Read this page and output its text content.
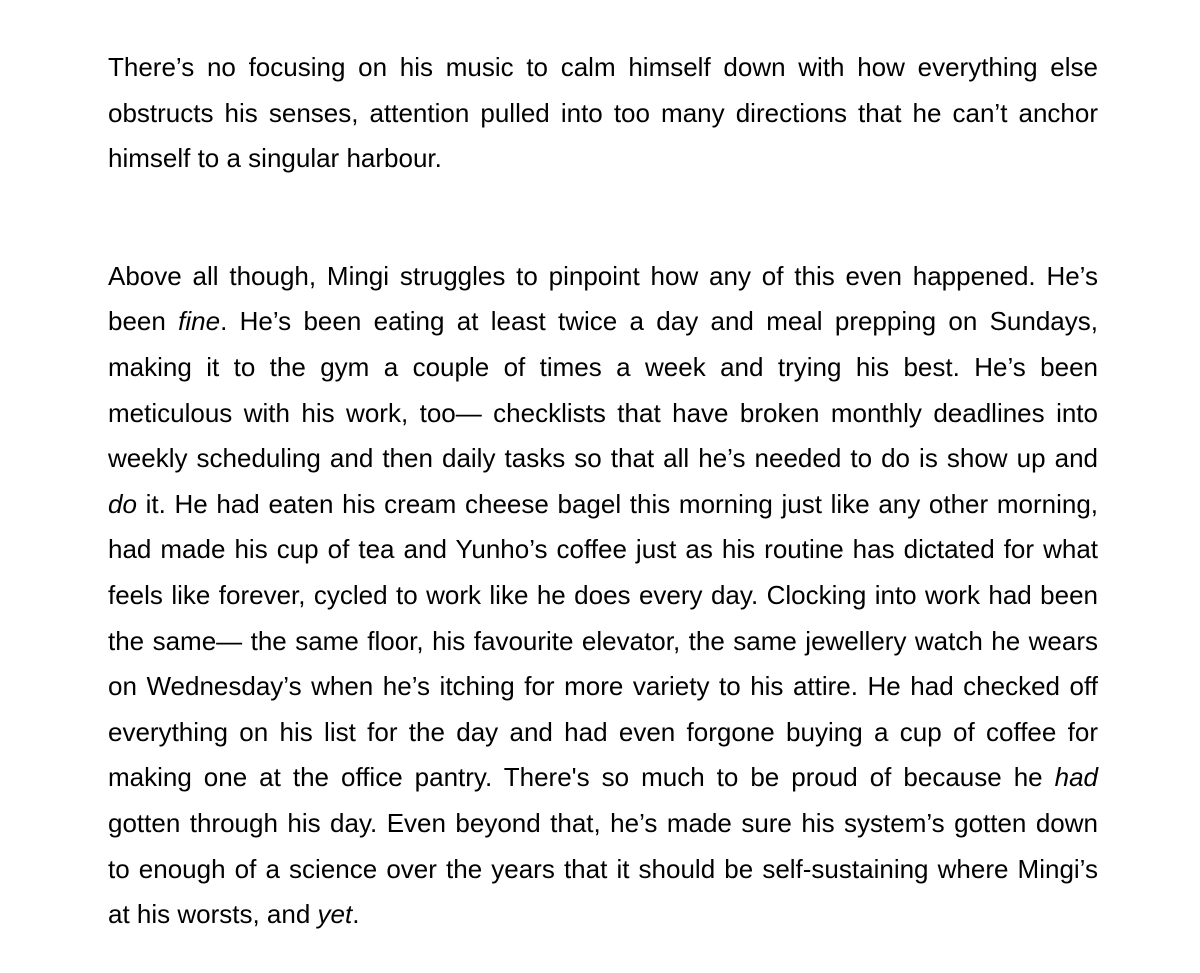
There’s no focusing on his music to calm himself down with how everything else obstructs his senses, attention pulled into too many directions that he can’t anchor himself to a singular harbour.

Above all though, Mingi struggles to pinpoint how any of this even happened. He’s been fine. He’s been eating at least twice a day and meal prepping on Sundays, making it to the gym a couple of times a week and trying his best. He’s been meticulous with his work, too— checklists that have broken monthly deadlines into weekly scheduling and then daily tasks so that all he’s needed to do is show up and do it. He had eaten his cream cheese bagel this morning just like any other morning, had made his cup of tea and Yunho’s coffee just as his routine has dictated for what feels like forever, cycled to work like he does every day. Clocking into work had been the same— the same floor, his favourite elevator, the same jewellery watch he wears on Wednesday’s when he’s itching for more variety to his attire. He had checked off everything on his list for the day and had even forgone buying a cup of coffee for making one at the office pantry. There's so much to be proud of because he had gotten through his day. Even beyond that, he’s made sure his system’s gotten down to enough of a science over the years that it should be self-sustaining where Mingi’s at his worsts, and yet.
